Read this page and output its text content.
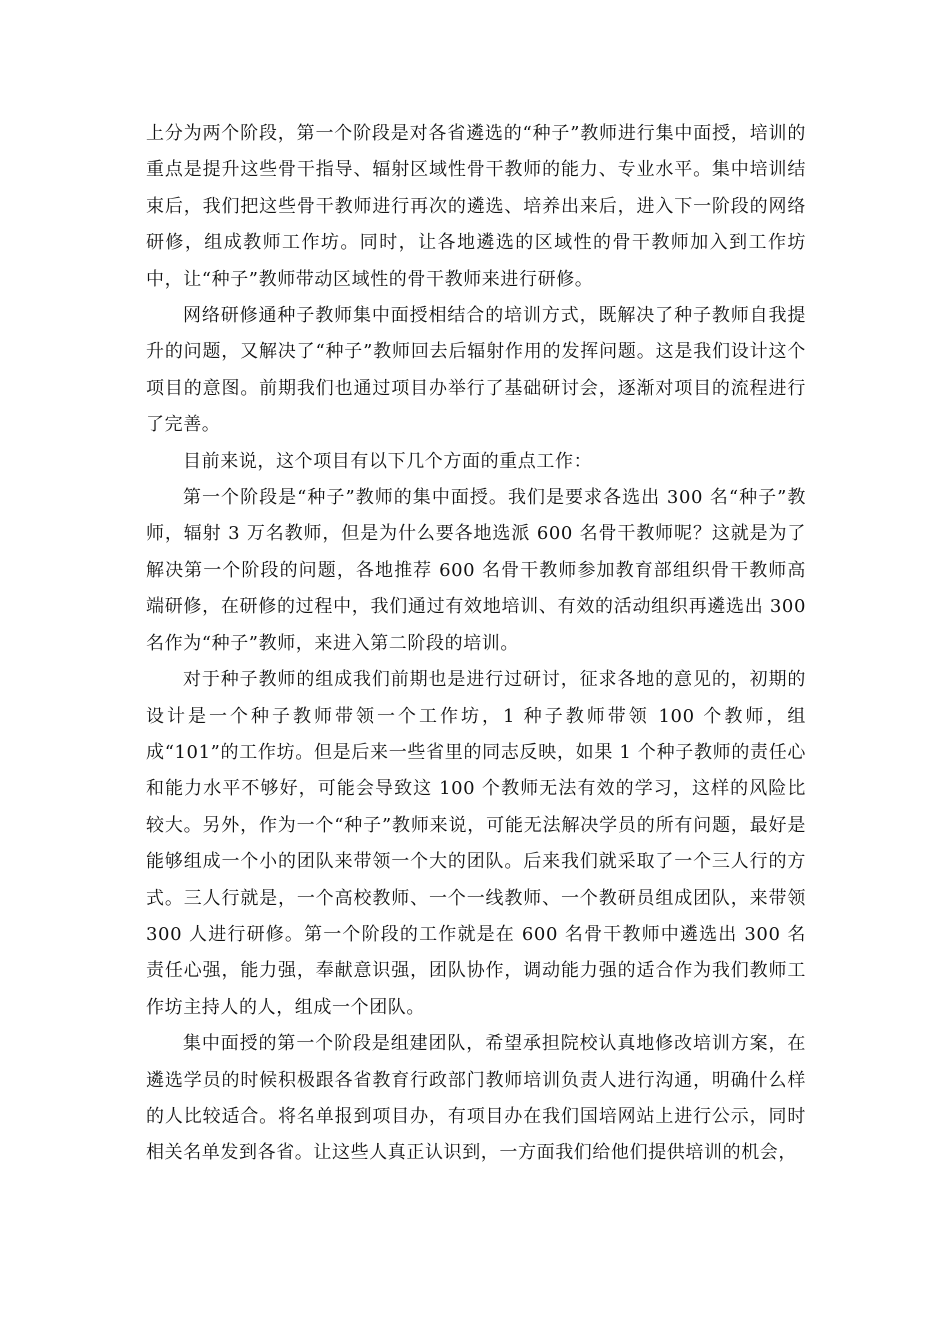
上分为两个阶段，第一个阶段是对各省遴选的“种子”教师进行集中面授，培训的重点是提升这些骨干指导、辐射区域性骨干教师的能力、专业水平。集中培训结束后，我们把这些骨干教师进行再次的遴选、培养出来后，进入下一阶段的网络研修，组成教师工作坊。同时，让各地遴选的区域性的骨干教师加入到工作坊中，让“种子”教师带动区域性的骨干教师来进行研修。

网络研修通种子教师集中面授相结合的培训方式，既解决了种子教师自我提升的问题，又解决了“种子”教师回去后辐射作用的发挥问题。这是我们设计这个项目的意图。前期我们也通过项目办举行了基础研讨会，逐渐对项目的流程进行了完善。

目前来说，这个项目有以下几个方面的重点工作：

第一个阶段是“种子”教师的集中面授。我们是要求各选出 300 名“种子”教师，辐射 3 万名教师，但是为什么要各地选派 600 名骨干教师呢？这就是为了解决第一个阶段的问题，各地推荐 600 名骨干教师参加教育部组织骨干教师高端研修，在研修的过程中，我们通过有效地培训、有效的活动组织再遴选出 300 名作为“种子”教师，来进入第二阶段的培训。

对于种子教师的组成我们前期也是进行过研讨，征求各地的意见的，初期的设计是一个种子教师带领一个工作坊，1 种子教师带领 100 个教师，组成“101”的工作坊。但是后来一些省里的同志反映，如果 1 个种子教师的责任心和能力水平不够好，可能会导致这 100 个教师无法有效的学习，这样的风险比较大。另外，作为一个“种子”教师来说，可能无法解决学员的所有问题，最好是能够组成一个小的团队来带领一个大的团队。后来我们就采取了一个三人行的方式。三人行就是，一个高校教师、一个一线教师、一个教研员组成团队，来带领 300 人进行研修。第一个阶段的工作就是在 600 名骨干教师中遴选出 300 名责任心强，能力强，奉献意识强，团队协作，调动能力强的适合作为我们教师工作坊主持人的人，组成一个团队。

集中面授的第一个阶段是组建团队，希望承担院校认真地修改培训方案，在遴选学员的时候积极跟各省教育行政部门教师培训负责人进行沟通，明确什么样的人比较适合。将名单报到项目办，有项目办在我们国培网站上进行公示，同时相关名单发到各省。让这些人真正认识到，一方面我们给他们提供培训的机会，
